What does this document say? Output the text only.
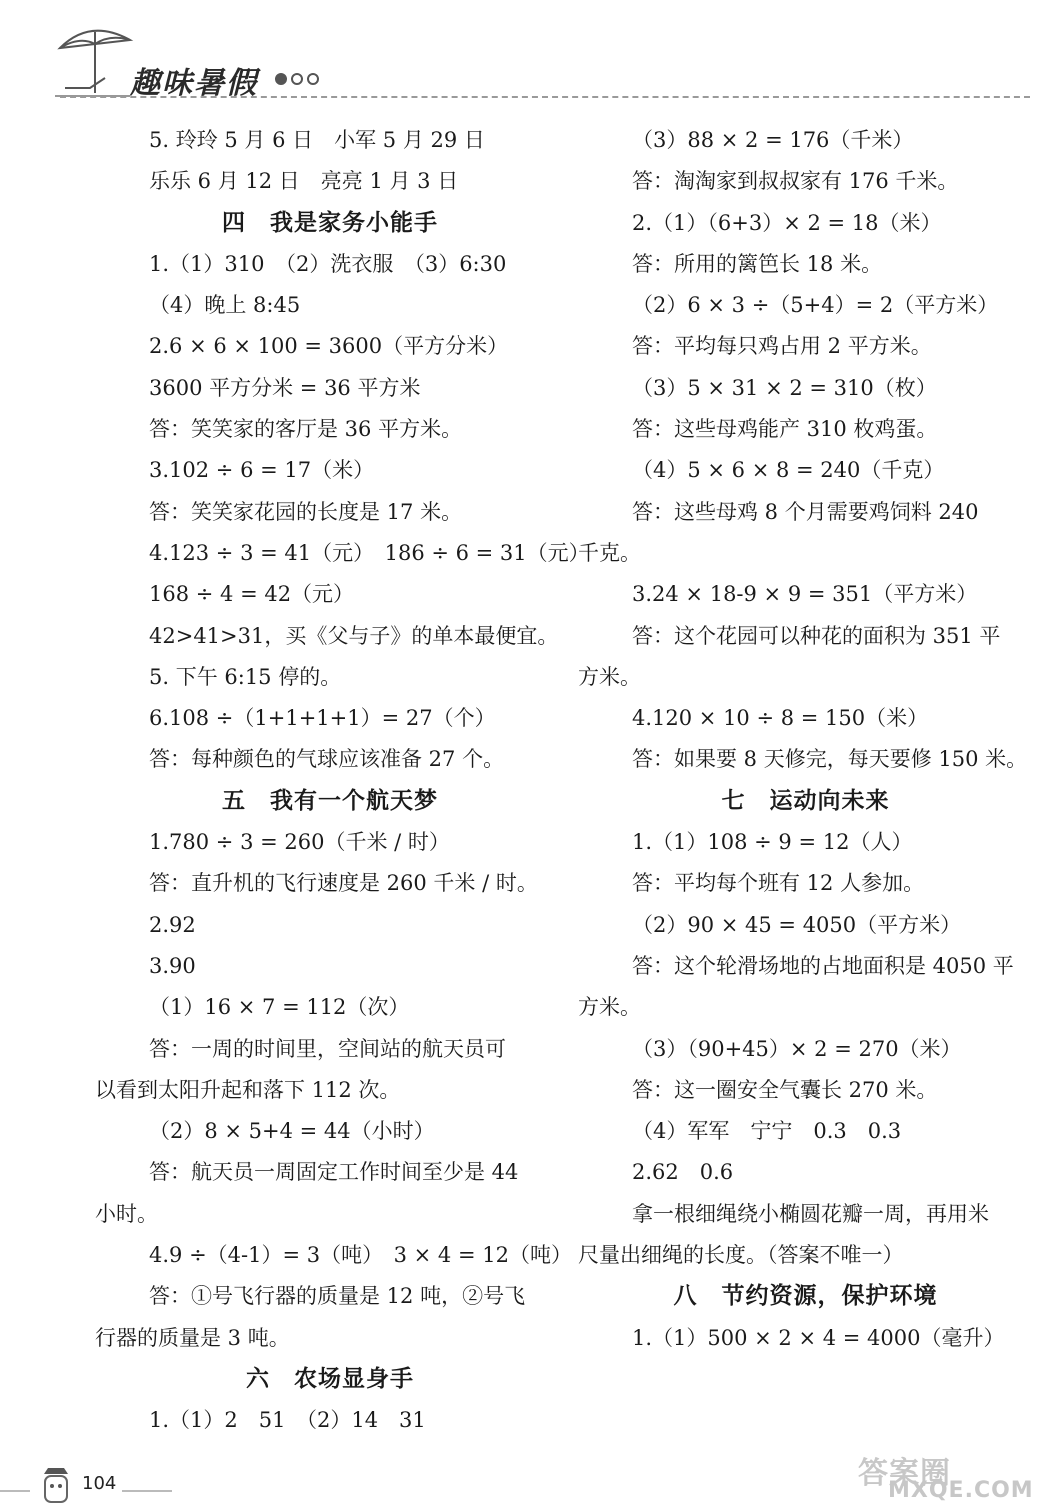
趣味暑假
5. 玲玲 5 月 6 日　小军 5 月 29 日
乐乐 6 月 12 日　亮亮 1 月 3 日
四　我是家务小能手
1.（1）310　（2）洗衣服　（3）6:30
（4）晚上 8:45
2.6 × 6 × 100 = 3600（平方分米）
3600 平方分米 = 36 平方米
答：笑笑家的客厅是 36 平方米。
3.102 ÷ 6 = 17（米）
答：笑笑家花园的长度是 17 米。
4.123 ÷ 3 = 41（元）　186 ÷ 6 = 31（元）
168 ÷ 4 = 42（元）
42>41>31，买《父与子》的单本最便宜。
5. 下午 6:15 停的。
6.108 ÷（1+1+1+1）= 27（个）
答：每种颜色的气球应该准备 27 个。
五　我有一个航天梦
1.780 ÷ 3 = 260（千米 / 时）
答：直升机的飞行速度是 260 千米 / 时。
2.92
3.90
（1）16 × 7 = 112（次）
答：一周的时间里，空间站的航天员可
以看到太阳升起和落下 112 次。
（2）8 × 5+4 = 44（小时）
答：航天员一周固定工作时间至少是 44
小时。
4.9 ÷（4-1）= 3（吨）　3 × 4 = 12（吨）
答：①号飞行器的质量是 12 吨，②号飞
行器的质量是 3 吨。
六　农场显身手
1.（1）2　51　（2）14　31
（3）88 × 2 = 176（千米）
答：淘淘家到叔叔家有 176 千米。
2.（1）（6+3）× 2 = 18（米）
答：所用的篱笆长 18 米。
（2）6 × 3 ÷（5+4）= 2（平方米）
答：平均每只鸡占用 2 平方米。
（3）5 × 31 × 2 = 310（枚）
答：这些母鸡能产 310 枚鸡蛋。
（4）5 × 6 × 8 = 240（千克）
答：这些母鸡 8 个月需要鸡饲料 240
千克。
3.24 × 18-9 × 9 = 351（平方米）
答：这个花园可以种花的面积为 351 平
方米。
4.120 × 10 ÷ 8 = 150（米）
答：如果要 8 天修完，每天要修 150 米。
七　运动向未来
1.（1）108 ÷ 9 = 12（人）
答：平均每个班有 12 人参加。
（2）90 × 45 = 4050（平方米）
答：这个轮滑场地的占地面积是 4050 平
方米。
（3）（90+45）× 2 = 270（米）
答：这一圈安全气囊长 270 米。
（4）军军　宁宁　0.3　0.3
2.62　0.6
拿一根细绳绕小椭圆花瓣一周，再用米
尺量出细绳的长度。（答案不唯一）
八　节约资源，保护环境
1.（1）500 × 2 × 4 = 4000（毫升）
104	答案圈
MXQE.COM
